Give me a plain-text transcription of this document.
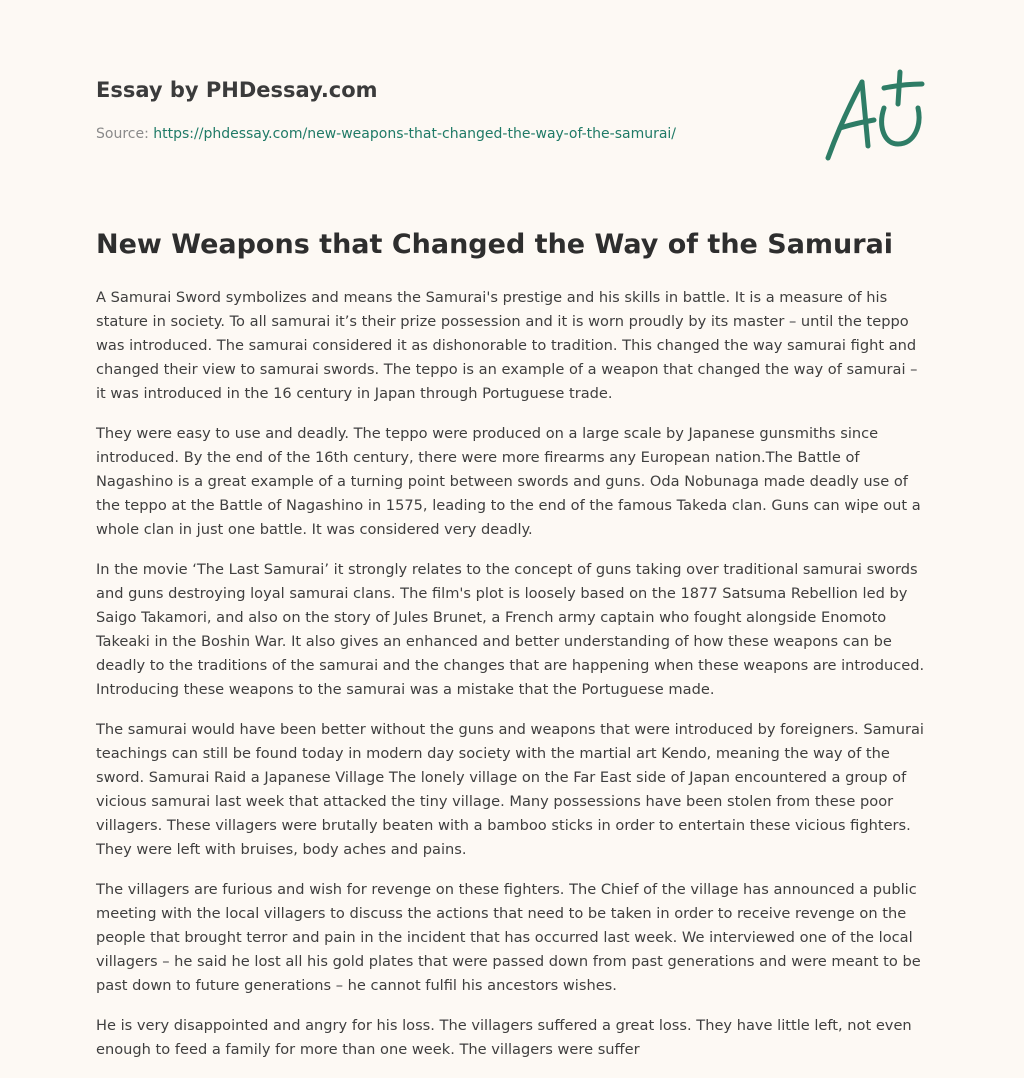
Essay by PHDessay.com
Source: https://phdessay.com/new-weapons-that-changed-the-way-of-the-samurai/
New Weapons that Changed the Way of the Samurai

A Samurai Sword symbolizes and means the Samurai's prestige and his skills in battle. It is a measure of his stature in society. To all samurai it’s their prize possession and it is worn proudly by its master – until the teppo was introduced. The samurai considered it as dishonorable to tradition. This changed the way samurai fight and changed their view to samurai swords. The teppo is an example of a weapon that changed the way of samurai – it was introduced in the 16 century in Japan through Portuguese trade.

They were easy to use and deadly. The teppo were produced on a large scale by Japanese gunsmiths since introduced. By the end of the 16th century, there were more firearms any European nation.The Battle of Nagashino is a great example of a turning point between swords and guns. Oda Nobunaga made deadly use of the teppo at the Battle of Nagashino in 1575, leading to the end of the famous Takeda clan. Guns can wipe out a whole clan in just one battle. It was considered very deadly.

In the movie ‘The Last Samurai’ it strongly relates to the concept of guns taking over traditional samurai swords and guns destroying loyal samurai clans. The film's plot is loosely based on the 1877 Satsuma Rebellion led by Saigo Takamori, and also on the story of Jules Brunet, a French army captain who fought alongside Enomoto Takeaki in the Boshin War. It also gives an enhanced and better understanding of how these weapons can be deadly to the traditions of the samurai and the changes that are happening when these weapons are introduced. Introducing these weapons to the samurai was a mistake that the Portuguese made.

The samurai would have been better without the guns and weapons that were introduced by foreigners. Samurai teachings can still be found today in modern day society with the martial art Kendo, meaning the way of the sword. Samurai Raid a Japanese Village The lonely village on the Far East side of Japan encountered a group of vicious samurai last week that attacked the tiny village. Many possessions have been stolen from these poor villagers. These villagers were brutally beaten with a bamboo sticks in order to entertain these vicious fighters. They were left with bruises, body aches and pains.

The villagers are furious and wish for revenge on these fighters. The Chief of the village has announced a public meeting with the local villagers to discuss the actions that need to be taken in order to receive revenge on the people that brought terror and pain in the incident that has occurred last week. We interviewed one of the local villagers – he said he lost all his gold plates that were passed down from past generations and were meant to be past down to future generations – he cannot fulfil his ancestors wishes.

He is very disappointed and angry for his loss. The villagers suffered a great loss. They have little left, not even enough to feed a family for more than one week. The villagers were suffer
